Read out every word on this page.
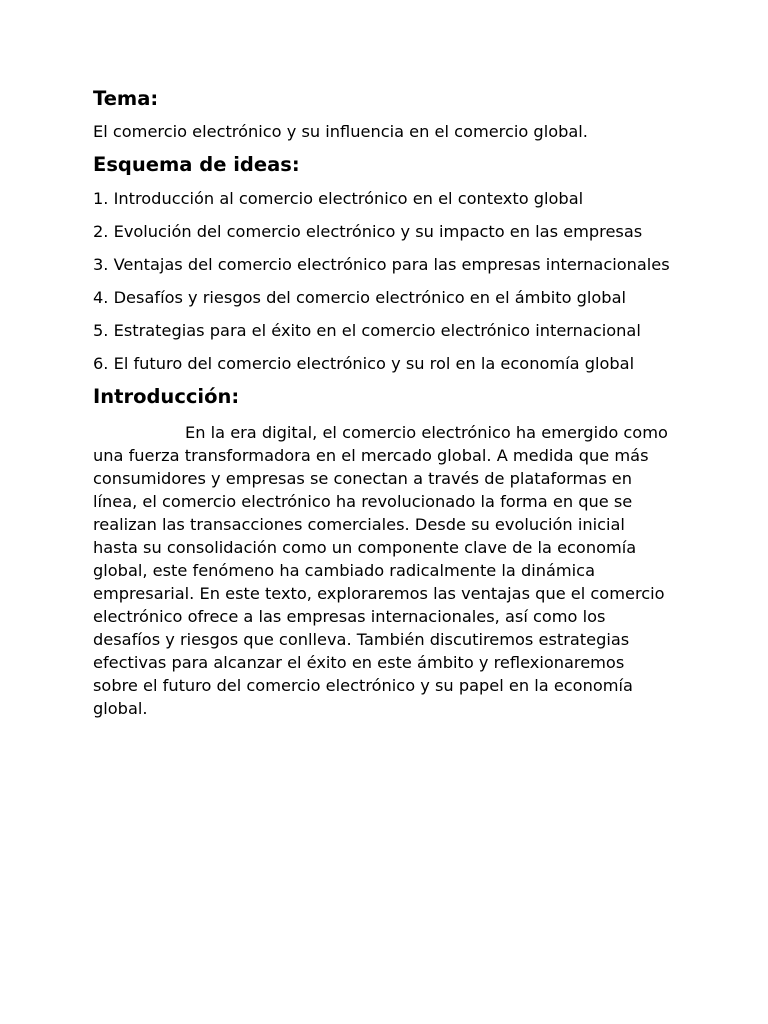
Tema:

El comercio electrónico y su influencia en el comercio global.

Esquema de ideas:

1. Introducción al comercio electrónico en el contexto global

2. Evolución del comercio electrónico y su impacto en las empresas

3. Ventajas del comercio electrónico para las empresas internacionales

4. Desafíos y riesgos del comercio electrónico en el ámbito global

5. Estrategias para el éxito en el comercio electrónico internacional

6. El futuro del comercio electrónico y su rol en la economía global

Introducción:

En la era digital, el comercio electrónico ha emergido como una fuerza transformadora en el mercado global. A medida que más consumidores y empresas se conectan a través de plataformas en línea, el comercio electrónico ha revolucionado la forma en que se realizan las transacciones comerciales. Desde su evolución inicial hasta su consolidación como un componente clave de la economía global, este fenómeno ha cambiado radicalmente la dinámica empresarial. En este texto, exploraremos las ventajas que el comercio electrónico ofrece a las empresas internacionales, así como los desafíos y riesgos que conlleva. También discutiremos estrategias efectivas para alcanzar el éxito en este ámbito y reflexionaremos sobre el futuro del comercio electrónico y su papel en la economía global.
